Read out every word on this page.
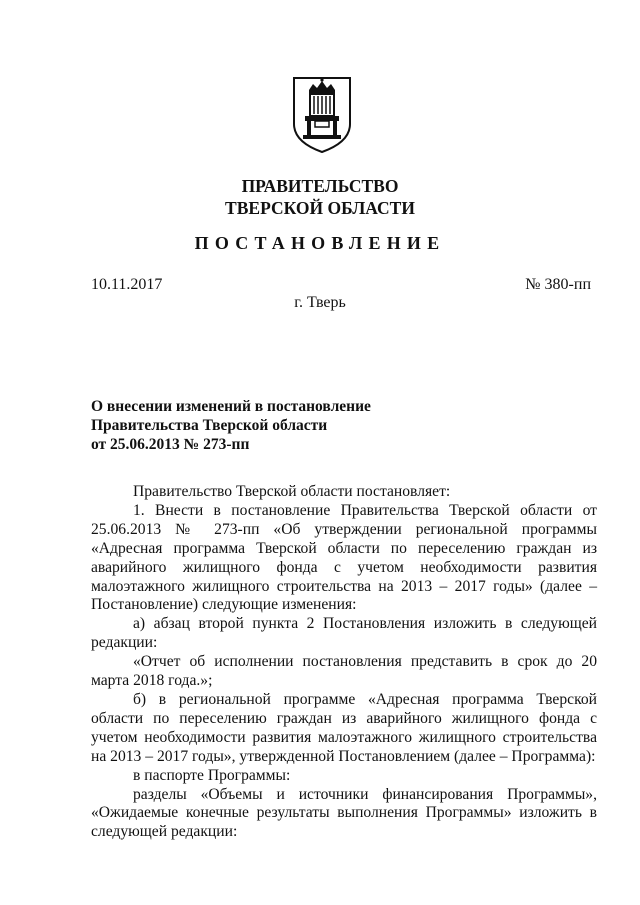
ПРАВИТЕЛЬСТВО
ТВЕРСКОЙ ОБЛАСТИ
ПОСТАНОВЛЕНИЕ
10.11.2017	№ 380-пп
г. Тверь
О внесении изменений в постановление
Правительства Тверской области
от 25.06.2013 № 273-пп

Правительство Тверской области постановляет:

1. Внести в постановление Правительства Тверской области от 25.06.2013 № 273-пп «Об утверждении региональной программы «Адресная программа Тверской области по переселению граждан из аварийного жилищного фонда с учетом необходимости развития малоэтажного жилищного строительства на 2013 – 2017 годы» (далее – Постановление) следующие изменения:

а) абзац второй пункта 2 Постановления изложить в следующей редакции:

«Отчет об исполнении постановления представить в срок до 20 марта 2018 года.»;

б) в региональной программе «Адресная программа Тверской области по переселению граждан из аварийного жилищного фонда с учетом необходимости развития малоэтажного жилищного строительства на 2013 – 2017 годы», утвержденной Постановлением (далее – Программа):

в паспорте Программы:

разделы «Объемы и источники финансирования Программы», «Ожидаемые конечные результаты выполнения Программы» изложить в следующей редакции:
